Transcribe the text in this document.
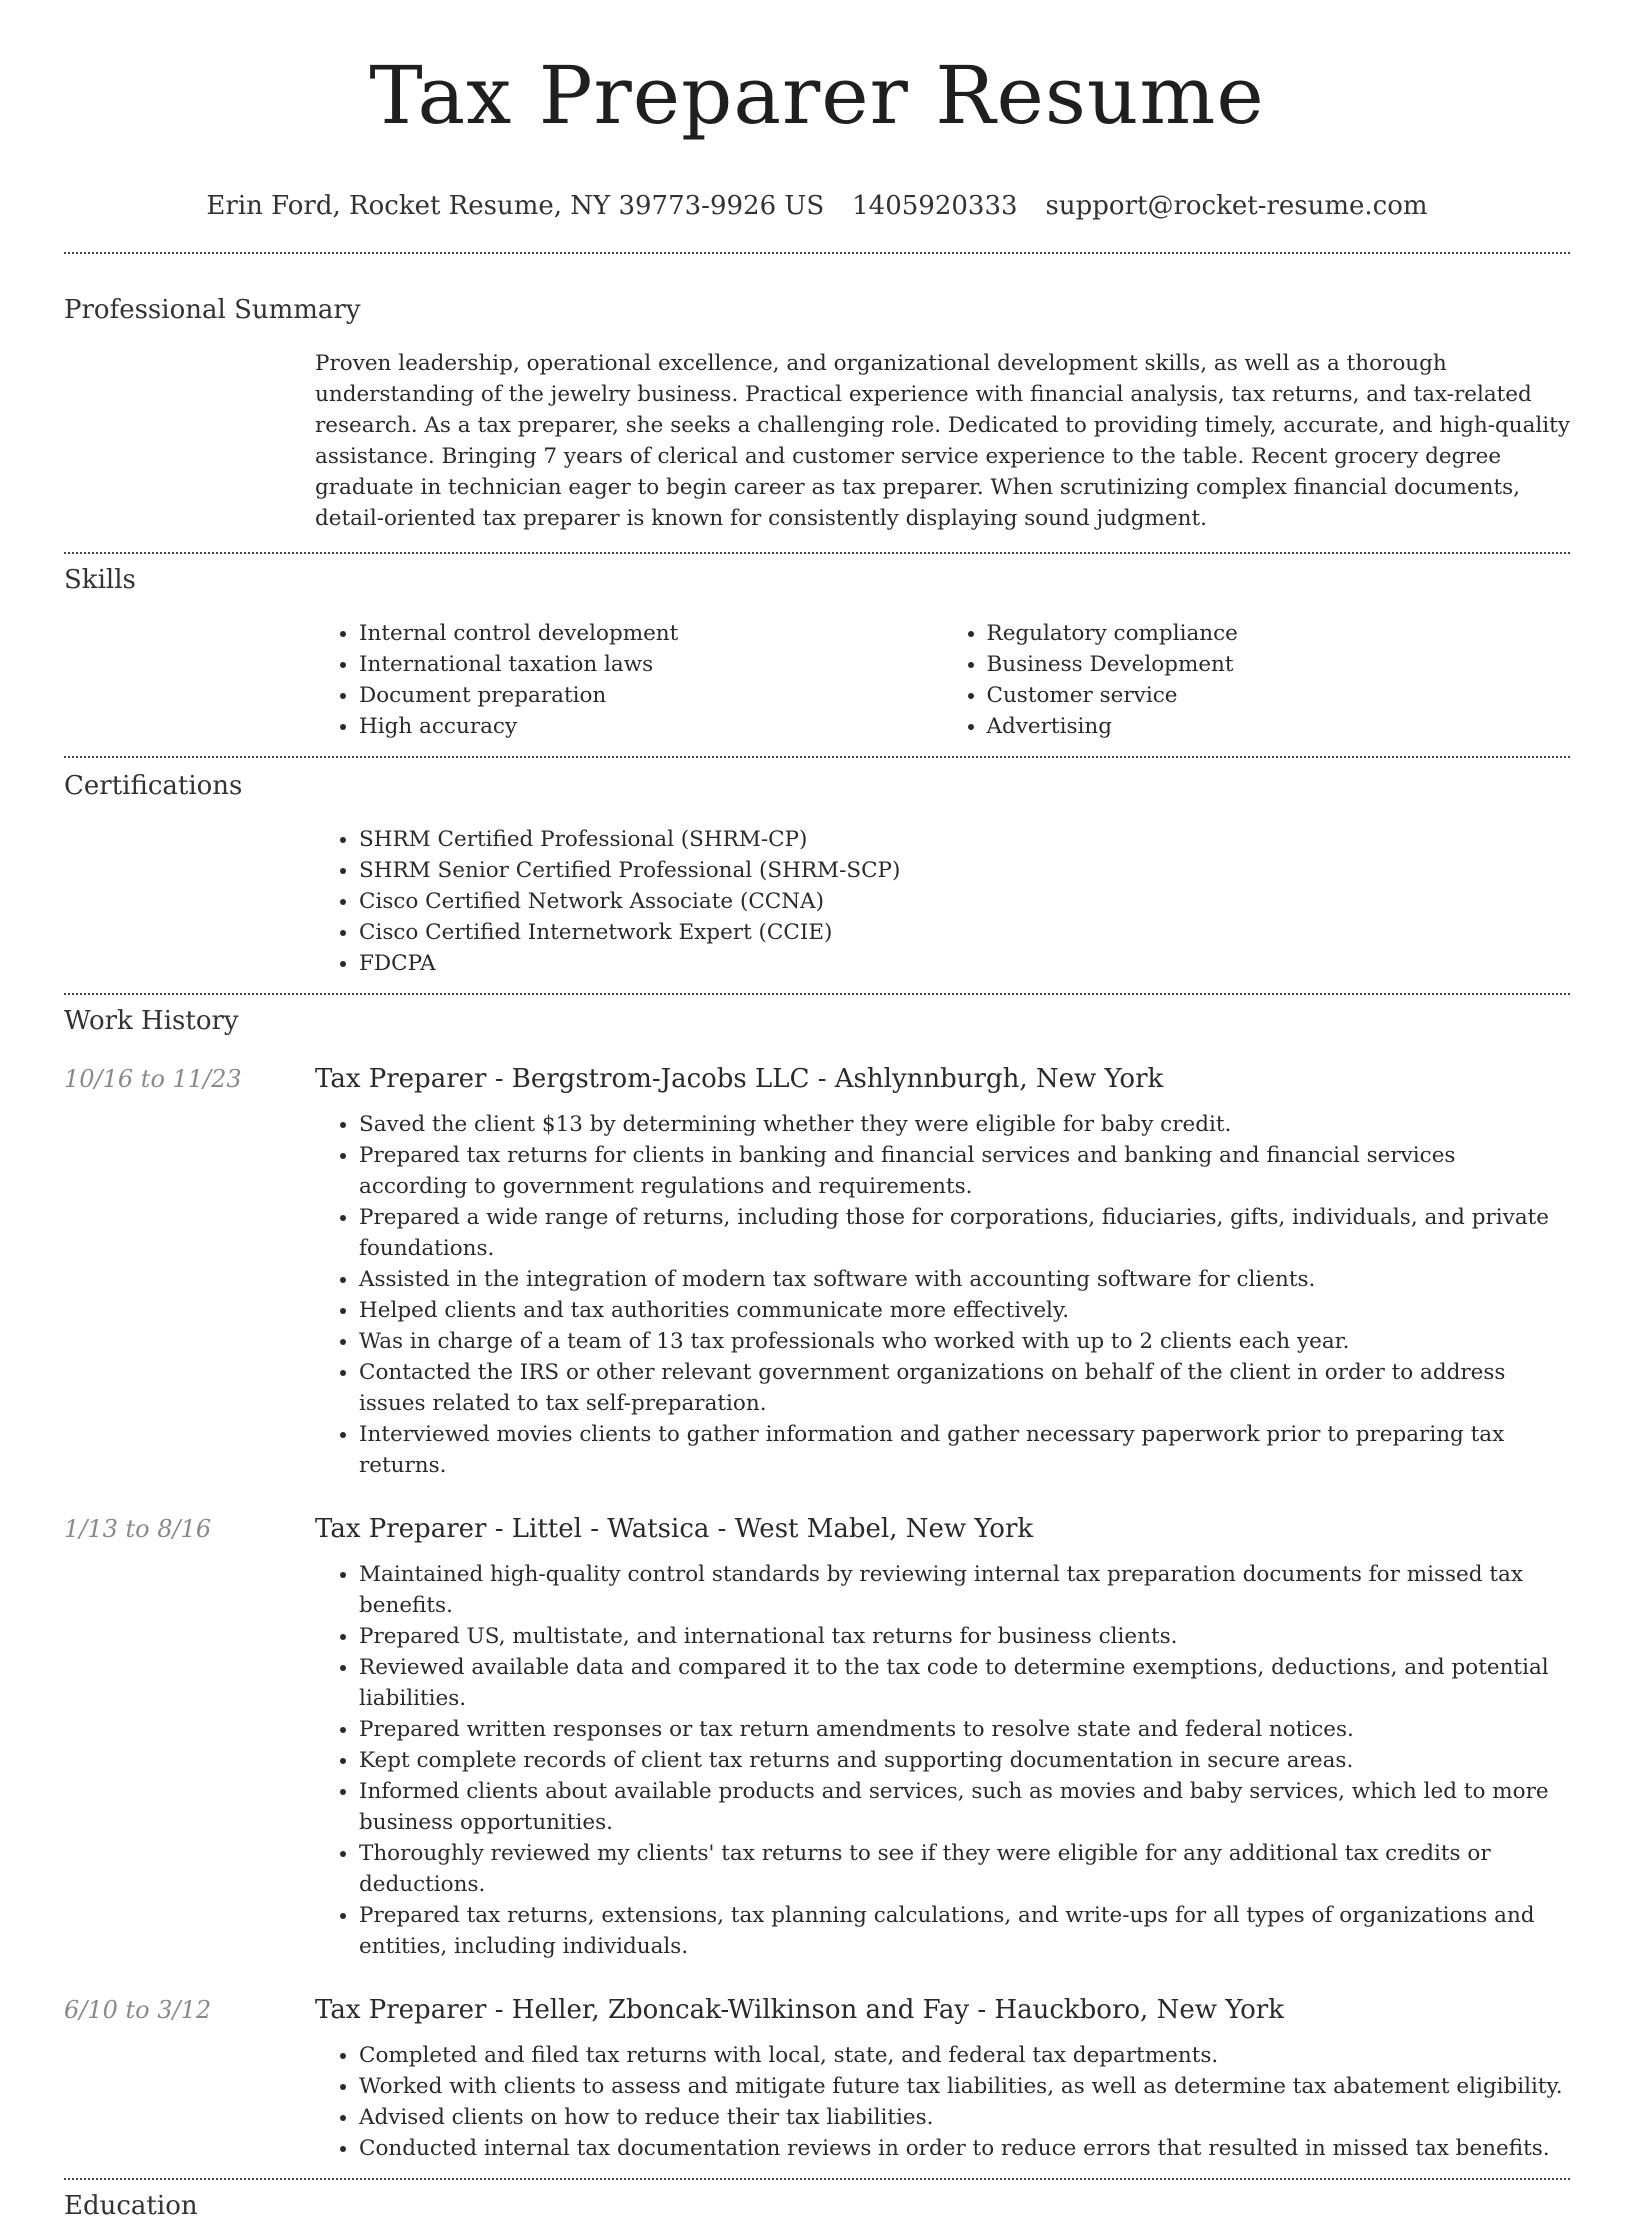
Tax Preparer Resume
Erin Ford, Rocket Resume, NY 39773-9926 US 1405920333 support@rocket-resume.com
Professional Summary
Proven leadership, operational excellence, and organizational development skills, as well as a thorough understanding of the jewelry business. Practical experience with financial analysis, tax returns, and tax-related research. As a tax preparer, she seeks a challenging role. Dedicated to providing timely, accurate, and high-quality assistance. Bringing 7 years of clerical and customer service experience to the table. Recent grocery degree graduate in technician eager to begin career as tax preparer. When scrutinizing complex financial documents, detail-oriented tax preparer is known for consistently displaying sound judgment.
Skills
• Internal control development
• International taxation laws
• Document preparation
• High accuracy
• Regulatory compliance
• Business Development
• Customer service
• Advertising
Certifications
• SHRM Certified Professional (SHRM-CP)
• SHRM Senior Certified Professional (SHRM-SCP)
• Cisco Certified Network Associate (CCNA)
• Cisco Certified Internetwork Expert (CCIE)
• FDCPA
Work History
10/16 to 11/23	Tax Preparer - Bergstrom-Jacobs LLC - Ashlynnburgh, New York
• Saved the client $13 by determining whether they were eligible for baby credit.
• Prepared tax returns for clients in banking and financial services and banking and financial services according to government regulations and requirements.
• Prepared a wide range of returns, including those for corporations, fiduciaries, gifts, individuals, and private foundations.
• Assisted in the integration of modern tax software with accounting software for clients.
• Helped clients and tax authorities communicate more effectively.
• Was in charge of a team of 13 tax professionals who worked with up to 2 clients each year.
• Contacted the IRS or other relevant government organizations on behalf of the client in order to address issues related to tax self-preparation.
• Interviewed movies clients to gather information and gather necessary paperwork prior to preparing tax returns.
1/13 to 8/16	Tax Preparer - Littel - Watsica - West Mabel, New York
• Maintained high-quality control standards by reviewing internal tax preparation documents for missed tax benefits.
• Prepared US, multistate, and international tax returns for business clients.
• Reviewed available data and compared it to the tax code to determine exemptions, deductions, and potential liabilities.
• Prepared written responses or tax return amendments to resolve state and federal notices.
• Kept complete records of client tax returns and supporting documentation in secure areas.
• Informed clients about available products and services, such as movies and baby services, which led to more business opportunities.
• Thoroughly reviewed my clients' tax returns to see if they were eligible for any additional tax credits or deductions.
• Prepared tax returns, extensions, tax planning calculations, and write-ups for all types of organizations and entities, including individuals.
6/10 to 3/12	Tax Preparer - Heller, Zboncak-Wilkinson and Fay - Hauckboro, New York
• Completed and filed tax returns with local, state, and federal tax departments.
• Worked with clients to assess and mitigate future tax liabilities, as well as determine tax abatement eligibility.
• Advised clients on how to reduce their tax liabilities.
• Conducted internal tax documentation reviews in order to reduce errors that resulted in missed tax benefits.
Education
